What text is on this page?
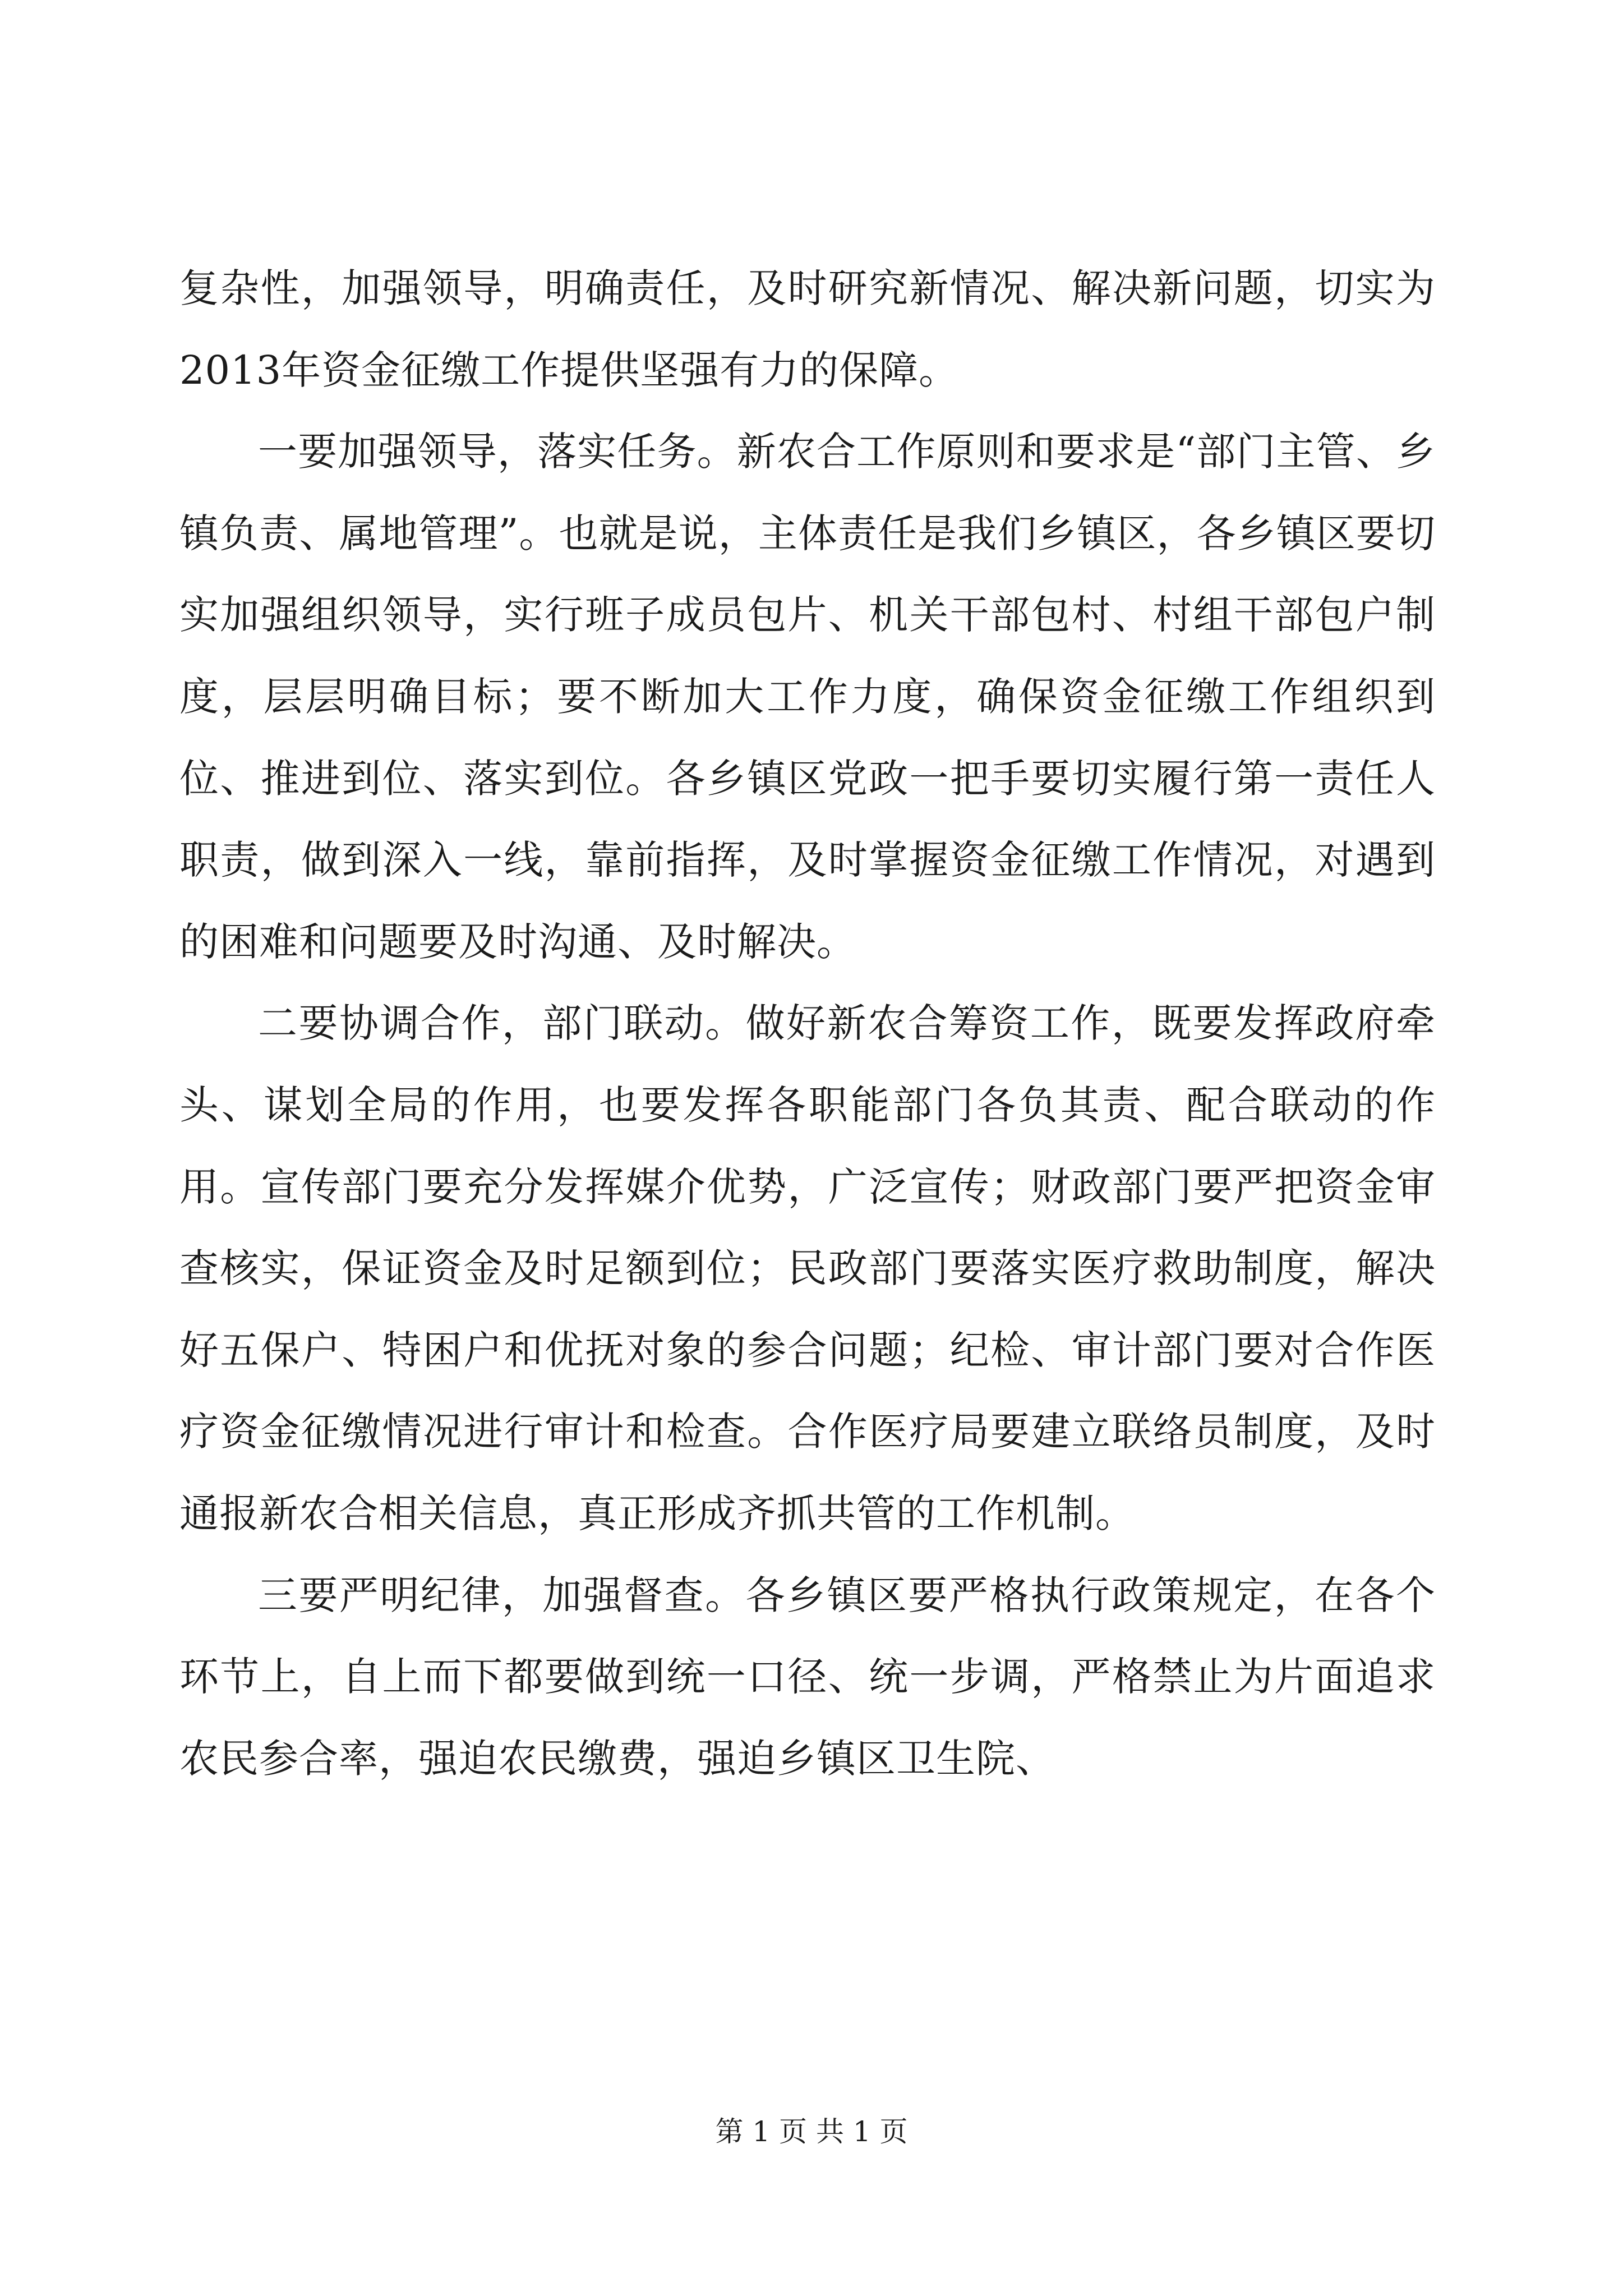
复杂性，加强领导，明确责任，及时研究新情况、解决新问题，切实为2013年资金征缴工作提供坚强有力的保障。

一要加强领导，落实任务。新农合工作原则和要求是“部门主管、乡镇负责、属地管理”。也就是说，主体责任是我们乡镇区，各乡镇区要切实加强组织领导，实行班子成员包片、机关干部包村、村组干部包户制度，层层明确目标；要不断加大工作力度，确保资金征缴工作组织到位、推进到位、落实到位。各乡镇区党政一把手要切实履行第一责任人职责，做到深入一线，靠前指挥，及时掌握资金征缴工作情况，对遇到的困难和问题要及时沟通、及时解决。

二要协调合作，部门联动。做好新农合筹资工作，既要发挥政府牵头、谋划全局的作用，也要发挥各职能部门各负其责、配合联动的作用。宣传部门要充分发挥媒介优势，广泛宣传；财政部门要严把资金审查核实，保证资金及时足额到位；民政部门要落实医疗救助制度，解决好五保户、特困户和优抚对象的参合问题；纪检、审计部门要对合作医疗资金征缴情况进行审计和检查。合作医疗局要建立联络员制度，及时通报新农合相关信息，真正形成齐抓共管的工作机制。

三要严明纪律，加强督查。各乡镇区要严格执行政策规定，在各个环节上，自上而下都要做到统一口径、统一步调，严格禁止为片面追求农民参合率，强迫农民缴费，强迫乡镇区卫生院、

第 1 页 共 1 页
